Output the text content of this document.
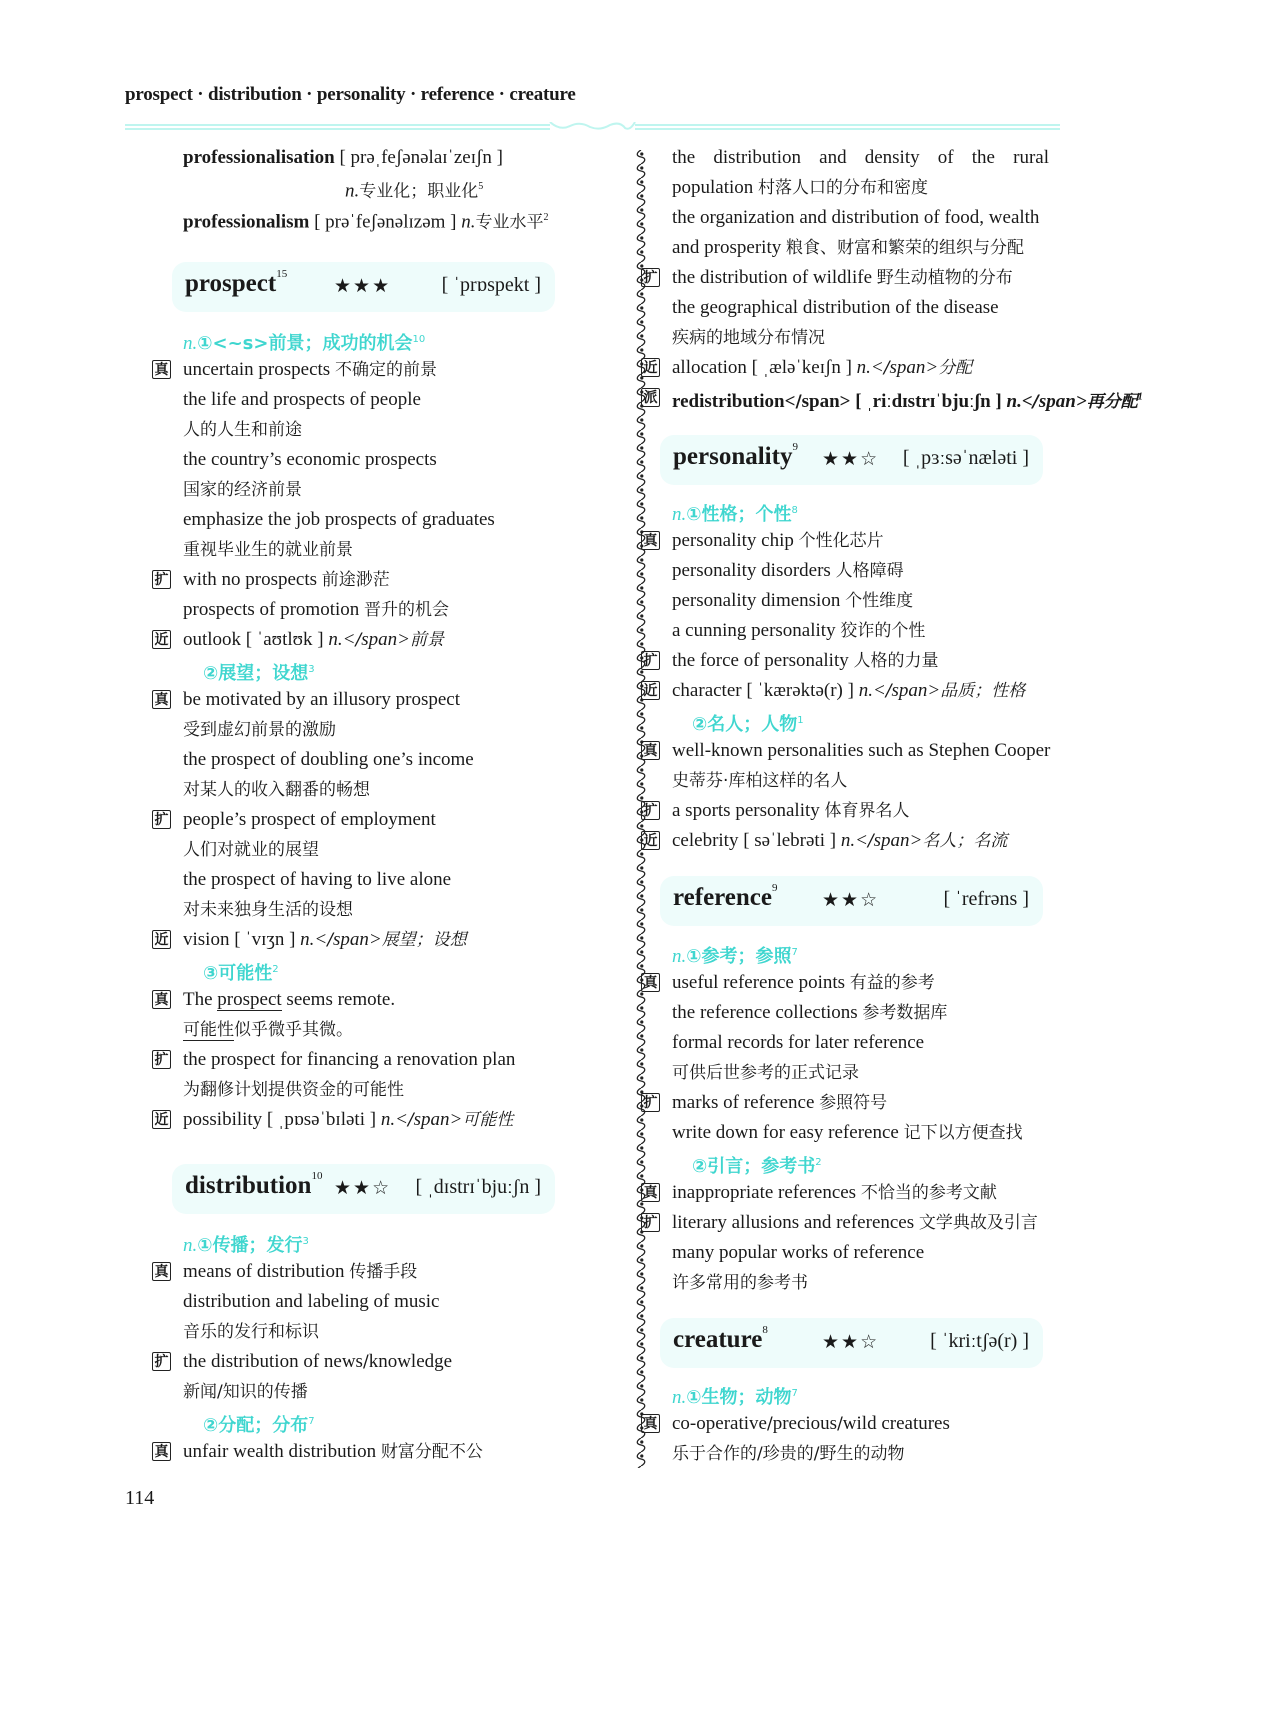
prospect · distribution · personality · reference · creature
professionalisation [ prəˌfeʃənəlaɪˈzeɪʃn ]
n.专业化；职业化$^5$
professionalism [ prəˈfeʃənəlɪzəm ] n.专业水平$^2$
prospect$^{15}$
★★★	[ ˈprɒspekt ]
n.①<~s>前景；成功的机会$^{10}$
uncertain prospects 不确定的前景
真
the life and prospects of people
人的人生和前途
the country’s economic prospects
国家的经济前景
emphasize the job prospects of graduates
重视毕业生的就业前景
with no prospects 前途渺茫
扩
prospects of promotion 晋升的机会
outlook [ ˈaʊtlʊk ] n.</span>前景
近
②展望；设想$^3$
be motivated by an illusory prospect
真
受到虚幻前景的激励
the prospect of doubling one’s income
对某人的收入翻番的畅想
people’s prospect of employment
扩
人们对就业的展望
the prospect of having to live alone
对未来独身生活的设想
vision [ ˈvɪʒn ] n.</span>展望；设想
近
③可能性$^2$
The prospect seems remote.
真
可能性似乎微乎其微。
the prospect for financing a renovation plan
扩
为翻修计划提供资金的可能性
possibility [ ˌpɒsəˈbɪləti ] n.</span>可能性
近
n.①传播；发行$^3$
means of distribution 传播手段
真
distribution and labeling of music
音乐的发行和标识
the distribution of news/knowledge
扩
新闻/知识的传播
②分配；分布$^7$
unfair wealth distribution 财富分配不公
真
distribution$^{10}$
★★☆ [ ˌdɪstrɪˈbjuːʃn ]
the distribution and density of the rural
population 村落人口的分布和密度
the organization and distribution of food, wealth
and prosperity 粮食、财富和繁荣的组织与分配
the distribution of wildlife 野生动植物的分布
扩
the geographical distribution of the disease
疾病的地域分布情况
allocation [ ˌæləˈkeɪʃn ] n.</span>分配
近
redistribution</span> [ ˌriːdɪstrɪˈbjuːʃn ] n.</span>再分配$^1$
派
n.①性格；个性$^8$
personality chip 个性化芯片
真
personality disorders 人格障碍
personality dimension 个性维度
a cunning personality 狡诈的个性
the force of personality 人格的力量
扩
character [ ˈkærəktə(r) ] n.</span>品质；性格
近
②名人；人物$^1$
well-known personalities such as Stephen Cooper
真
史蒂芬·库柏这样的名人
a sports personality 体育界名人
扩
celebrity [ səˈlebrəti ] n.</span>名人；名流
近
n.①参考；参照$^7$
useful reference points 有益的参考
真
the reference collections 参考数据库
formal records for later reference
可供后世参考的正式记录
marks of reference 参照符号
扩
write down for easy reference 记下以方便查找
②引言；参考书$^2$
inappropriate references 不恰当的参考文献
真
literary allusions and references 文学典故及引言
扩
many popular works of reference
许多常用的参考书
n.①生物；动物$^7$
co-operative/precious/wild creatures
真
乐于合作的/珍贵的/野生的动物
personality$^9$
★★☆ [ ˌpɜːsəˈnæləti ]
reference$^9$
★★☆	[ ˈrefrəns ]
creature$^8$
★★☆	[ ˈkriːtʃə(r) ]
114
